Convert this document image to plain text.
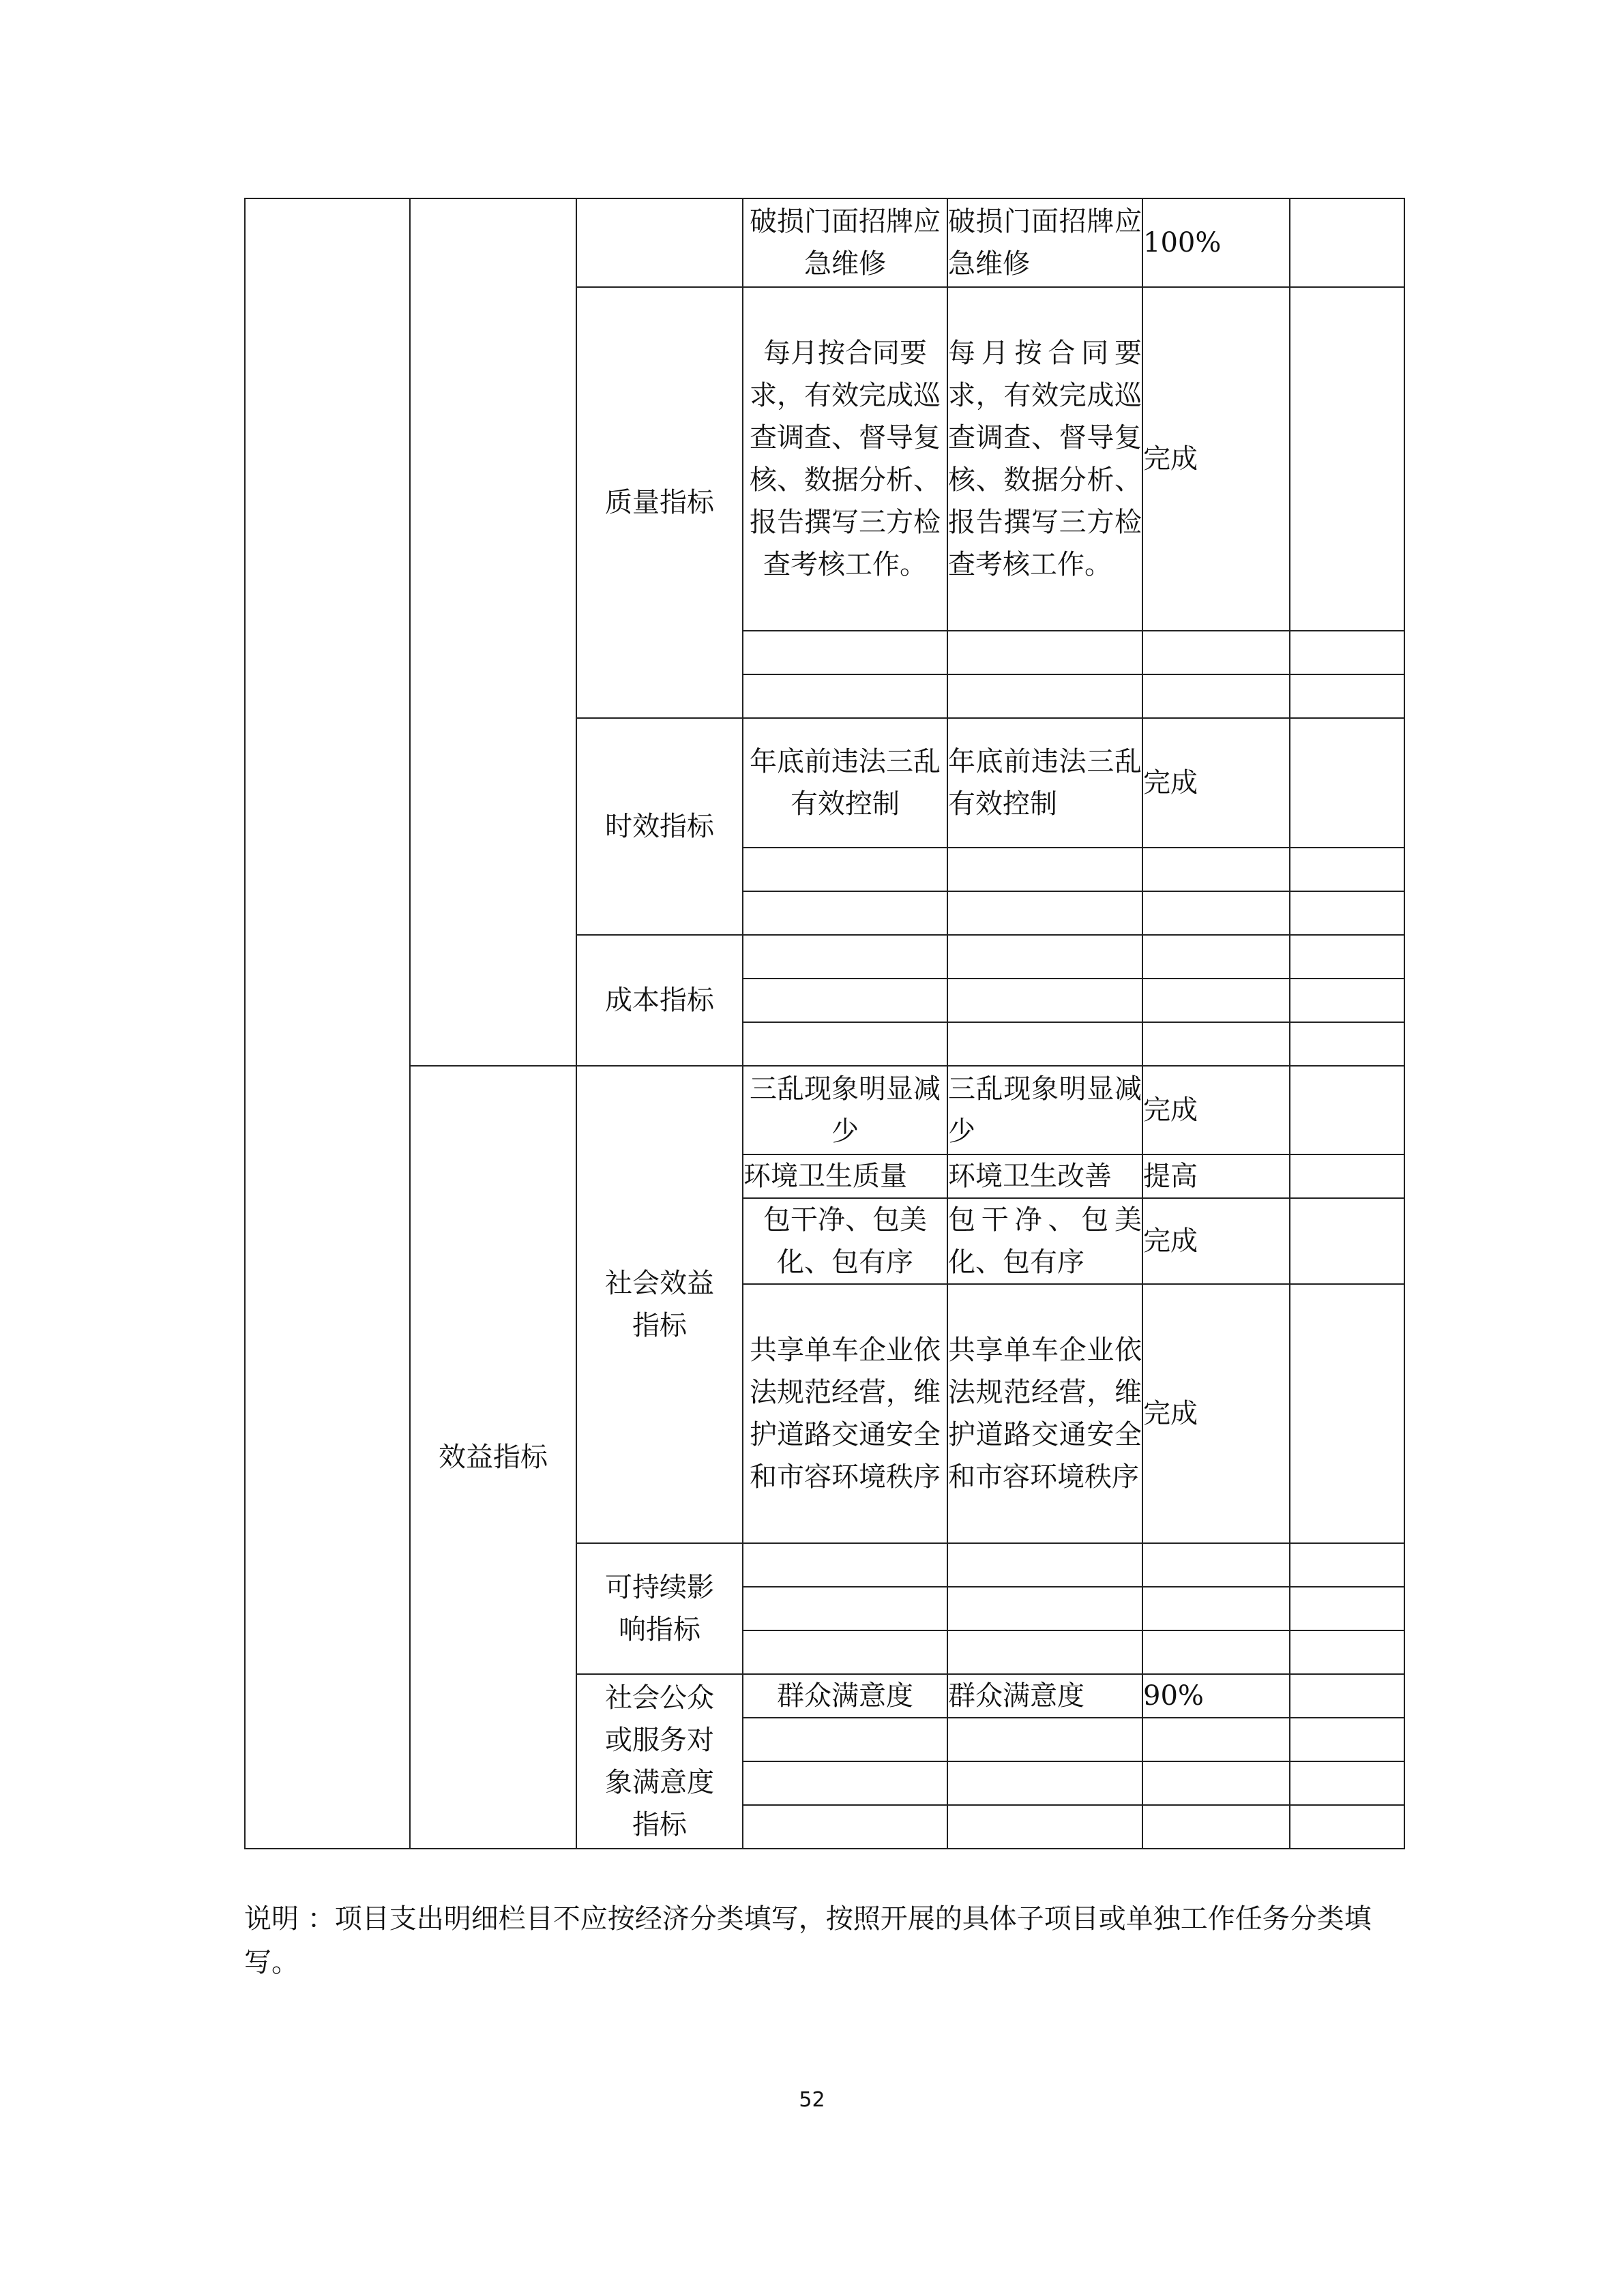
			破损门面招牌应急维修	破损门面招牌应急维修	100%	
		质量指标	每月按合同要求，有效完成巡查调查、督导复核、数据分析、报告撰写三方检查考核工作。	每月按合同要求，有效完成巡查调查、督导复核、数据分析、报告撰写三方检查考核工作。	完成	

		时效指标	年底前违法三乱有效控制	年底前违法三乱有效控制	完成	

		成本指标				

	效益指标	社会效益指标	三乱现象明显减少	三乱现象明显减少	完成	
			环境卫生质量	环境卫生改善	提高	
			包干净、包美化、包有序	包干净、包美化、包有序	完成	
			共享单车企业依法规范经营，维护道路交通安全和市容环境秩序	共享单车企业依法规范经营，维护道路交通安全和市容环境秩序	完成	
		可持续影响指标				

		社会公众或服务对象满意度指标	群众满意度	群众满意度	90%	

说明 ：项目支出明细栏目不应按经济分类填写，按照开展的具体子项目或单独工作任务分类填写。
52
